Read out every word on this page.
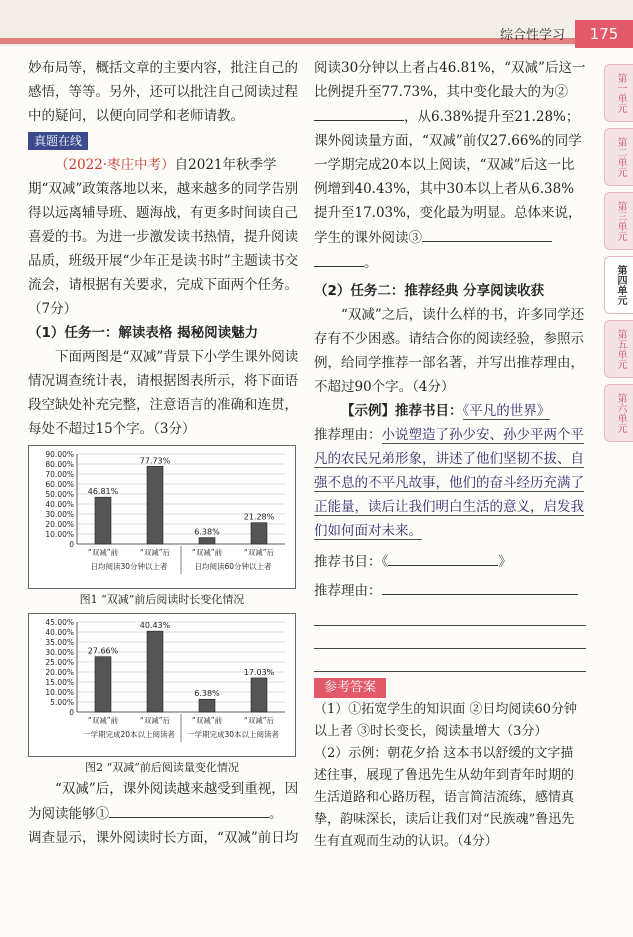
综合性学习	175
第一单元
第二单元
第三单元
第四单元
第五单元
第六单元

妙布局等，概括文章的主要内容，批注自己的感悟，等等。另外，还可以批注自己阅读过程中的疑问，以便向同学和老师请教。

真题在线

（2022·枣庄中考）自2021年秋季学期“双减”政策落地以来，越来越多的同学告别得以远离辅导班、题海战，有更多时间读自己喜爱的书。为进一步激发读书热情，提升阅读品质，班级开展“少年正是读书时”主题读书交流会，请根据有关要求，完成下面两个任务。（7分）

（1）任务一：解读表格 揭秘阅读魅力

下面两图是“双减”背景下小学生课外阅读情况调查统计表，请根据图表所示，将下面语段空缺处补充完整，注意语言的准确和连贯，每处不超过15个字。（3分）

0
10.00%
20.00%
30.00%
40.00%
50.00%
60.00%
70.00%
80.00%
90.00%
46.81%
“双减”前
77.73%
“双减”后
6.38%
“双减”前
21.28%
“双减”后
日均阅读30分钟以上者	日均阅读60分钟以上者
图1 “双减”前后阅读时长变化情况
0
5.00%
10.00%
15.00%
20.00%
25.00%
30.00%
35.00%
40.00%
45.00%
27.66%
“双减”前
40.43%
“双减”后
6.38%
“双减”前
17.03%
“双减”后
一学期完成20本以上阅读者 一学期完成30本以上阅读者
图2 “双减”前后阅读量变化情况

“双减”后，课外阅读越来越受到重视，因为阅读能够①	。

调查显示，课外阅读时长方面，“双减”前日均

阅读30分钟以上者占46.81%，“双减”后这一比例提升至77.73%，其中变化最大的为②，从6.38%提升至21.28%；课外阅读量方面，“双减”前仅27.66%的同学一学期完成20本以上阅读，“双减”后这一比例增到40.43%，其中30本以上者从6.38%提升至17.03%，变化最为明显。总体来说，学生的课外阅读③
。

（2）任务二：推荐经典 分享阅读收获

“双减”之后，读什么样的书，许多同学还存有不少困惑。请结合你的阅读经验，参照示例，给同学推荐一部名著，并写出推荐理由，不超过90个字。（4分）

【示例】推荐书目：《平凡的世界》

推荐理由：小说塑造了孙少安、孙少平两个平凡的农民兄弟形象，讲述了他们坚韧不拔、自强不息的不平凡故事，他们的奋斗经历充满了正能量，读后让我们明白生活的意义，启发我们如何面对未来。

推荐书目：《	》

推荐理由：

参考答案

（1）①拓宽学生的知识面 ②日均阅读60分钟以上者 ③时长变长，阅读量增大（3分）

（2）示例：朝花夕拾 这本书以舒缓的文字描述往事，展现了鲁迅先生从幼年到青年时期的生活道路和心路历程，语言简洁流练，感情真挚，韵味深长，读后让我们对“民族魂”鲁迅先生有直观而生动的认识。（4分）
